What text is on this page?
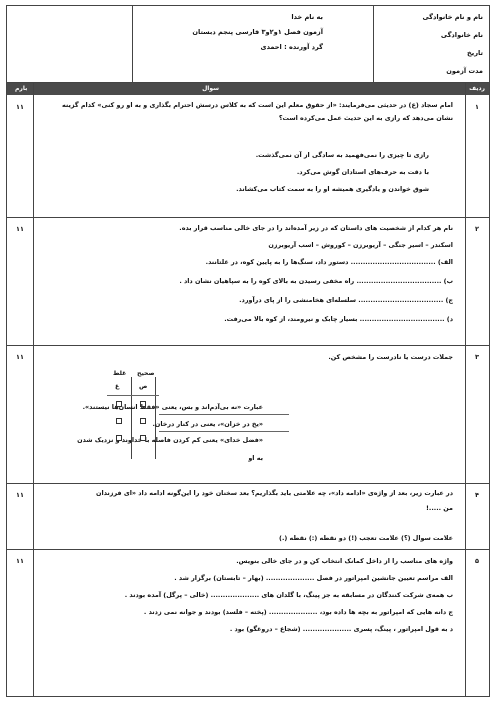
نام و نام خانوادگی
نام خانوادگی
تاریخ
مدت آزمون
به نام خدا
آزمون فصل ۱و۲و۳ فارسی پنجم دبستان
گرد آورنده : احمدی
ردیف
سوال
بارم
۱
۱۱	امام سجاد (ع) در حدیثی می‌فرمایند: «از حقوق معلم این است که به کلاس درسش احترام بگذاری و به او رو کنی» کدام گزینه
نشان می‌دهد که رازی به این حدیث عمل می‌کرده است؟
رازی تا چیزی را نمی‌فهمید به سادگی از آن نمی‌گذشت.
با دقت به حرف‌های استادان گوش می‌کرد.
شوق خواندن و یادگیری همیشه او را به سمت کتاب می‌کشاند.
۲
۱۱	نام هر کدام از شخصیت های داستان که در زیر آمده‌اند را در جای خالی مناسب قرار بده.
اسکندر – اسیر جنگی – آریوبرزن – کوروش – اسب آریوبرزن
الف) ................................... دستور داد، سنگ‌ها را به پایین کوه، در غلتانند.
ب) ................................... راه مخفی رسیدن به بالای کوه را به سپاهیان نشان داد .
ج) ................................... سلسله‌ای هخامنشی را از پای درآورد.
د) ................................... بسیار چابک و نیرومند، از کوه بالا می‌رفت.
۳
۱۱	جملات درست یا نادرست را مشخص کن.
صحیح
غلط
ص
غ
عبارت «نه بی‌آدم‌اند و بس، یعنی «فقط انسان‌ها نیستند».
«یخ در خزان»، یعنی در کنار درخان.
«فضل خدای» یعنی کم کردن فاصله با خداوند و نزدیک شدن
به او
۴
۱۱	در عبارت زیر، بعد از واژه‌ی «ادامه داد»، چه علامتی باید بگذاریم؟ بعد سخنان خود را این‌گونه ادامه داد «ای فرزندان
من .....!
علامت سوال (؟) علامت تعجب (!) دو نقطه (:) نقطه (.)
۵
۱۱	واژه های مناسب را از داخل کمانک انتخاب کن و در جای خالی بنویس.
الف مراسم تعیین جانشین امپراتور در فصل .................... (بهار – تابستان) برگزار شد .
ب همه‌ی شرکت کنندگان در مسابقه به جز پینگ، با گلدان های .................... (خالی – پرگل) آمده بودند .
ج دانه هایی که امپراتور به بچه ها داده بود، .................... (پخته – فلسد) بودند و جوانه نمی زدند .
د به قول امپراتور ، پینگ، پسری .................... (شجاع – دروغگو) بود .
